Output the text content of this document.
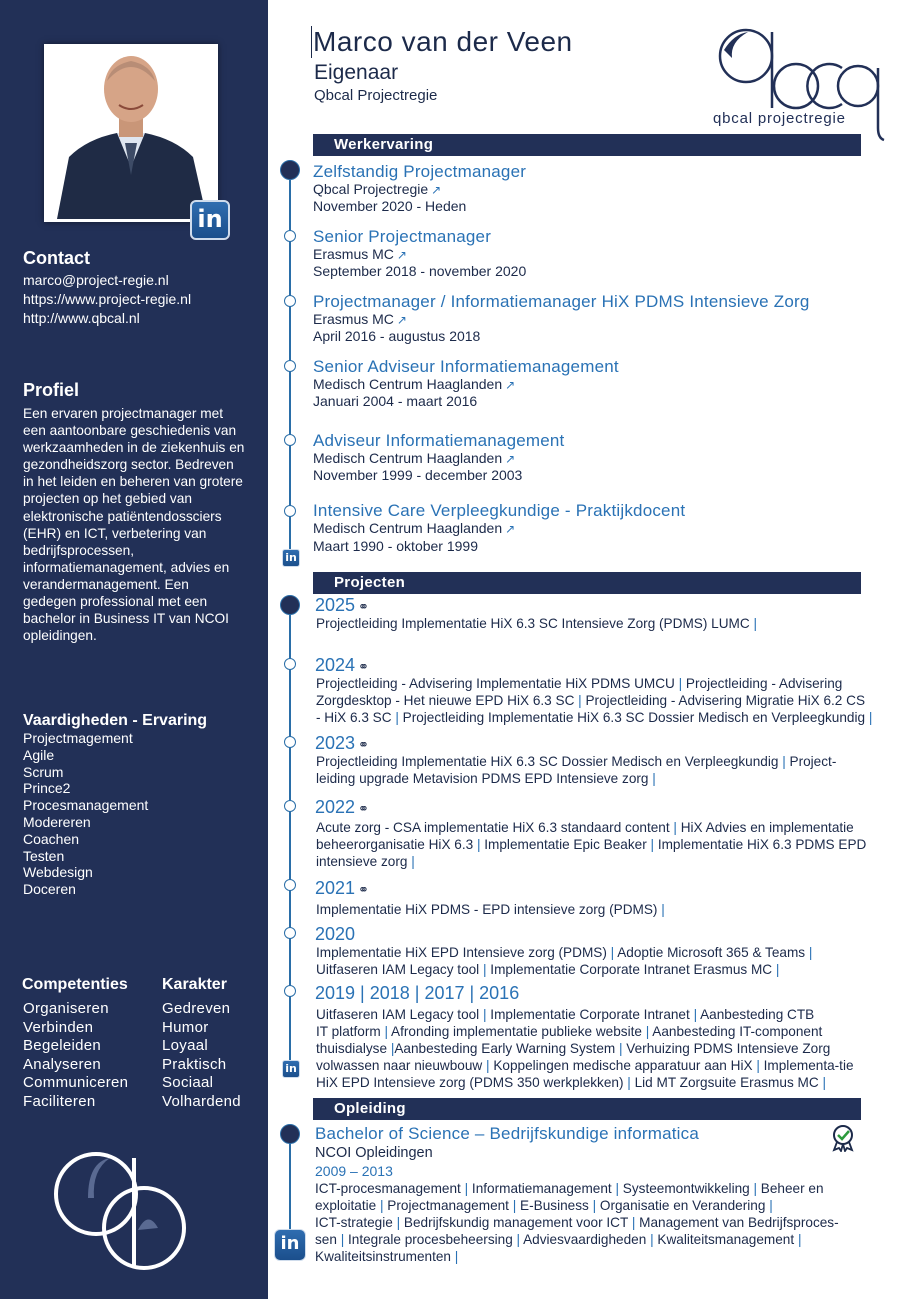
in
Contact
marco@project-regie.nl
https://www.project-regie.nl
http://www.qbcal.nl
Profiel
Een ervaren projectmanager met een aantoonbare geschiedenis van werkzaamheden in de ziekenhuis en gezondheidszorg sector. Bedreven in het leiden en beheren van grotere projecten op het gebied van elektronische patiëntendossciers (EHR) en ICT, verbetering van bedrijfsprocessen, informatiemanagement, advies en verandermanagement. Een gedegen professional met een bachelor in Business IT van NCOI opleidingen.
Vaardigheden - Ervaring
Projectmagement
Agile
Scrum
Prince2
Procesmanagement
Modereren
Coachen
Testen
Webdesign
Doceren
Competenties
Organiseren
Verbinden
Begeleiden
Analyseren
Communiceren
Faciliteren
Karakter
Gedreven
Humor
Loyaal
Praktisch
Sociaal
Volhardend
Marco van der Veen
Eigenaar
Qbcal Projectregie
qbcal projectregie
Werkervaring
in
Zelfstandig Projectmanager
Qbcal Projectregie ↗
November 2020 - Heden
Senior Projectmanager
Erasmus MC ↗
September 2018 - november 2020
Projectmanager / Informatiemanager HiX PDMS Intensieve Zorg
Erasmus MC ↗
April 2016 - augustus 2018
Senior Adviseur Informatiemanagement
Medisch Centrum Haaglanden ↗
Januari 2004 - maart 2016
Adviseur Informatiemanagement
Medisch Centrum Haaglanden ↗
November 1999 - december 2003
Intensive Care Verpleegkundige - Praktijkdocent
Medisch Centrum Haaglanden ↗
Maart 1990 - oktober 1999
Projecten
in
2025 ⚭
Projectleiding Implementatie HiX 6.3 SC Intensieve Zorg (PDMS) LUMC |
2024 ⚭
Projectleiding - Advisering Implementatie HiX PDMS UMCU | Projectleiding - Advisering
Zorgdesktop - Het nieuwe EPD HiX 6.3 SC | Projectleiding - Advisering Migratie HiX 6.2 CS
- HiX 6.3 SC | Projectleiding Implementatie HiX 6.3 SC Dossier Medisch en Verpleegkundig |
2023 ⚭
Projectleiding Implementatie HiX 6.3 SC Dossier Medisch en Verpleegkundig | Project-
leiding upgrade Metavision PDMS EPD Intensieve zorg |
2022 ⚭
Acute zorg - CSA implementatie HiX 6.3 standaard content | HiX Advies en implementatie
beheerorganisatie HiX 6.3 | Implementatie Epic Beaker | Implementatie HiX 6.3 PDMS EPD
intensieve zorg |
2021 ⚭
Implementatie HiX PDMS - EPD intensieve zorg (PDMS) |
2020
Implementatie HiX EPD Intensieve zorg (PDMS) | Adoptie Microsoft 365 & Teams |
Uitfaseren IAM Legacy tool | Implementatie Corporate Intranet Erasmus MC |
2019 | 2018 | 2017 | 2016
Uitfaseren IAM Legacy tool | Implementatie Corporate Intranet | Aanbesteding CTB
IT platform | Afronding implementatie publieke website | Aanbesteding IT-component
thuisdialyse |Aanbesteding Early Warning System | Verhuizing PDMS Intensieve Zorg
volwassen naar nieuwbouw | Koppelingen medische apparatuur aan HiX | Implementa-tie
HiX EPD Intensieve zorg (PDMS 350 werkplekken) | Lid MT Zorgsuite Erasmus MC |
Opleiding
in
Bachelor of Science – Bedrijfskundige informatica
NCOI Opleidingen
2009 – 2013
ICT-procesmanagement | Informatiemanagement | Systeemontwikkeling | Beheer en
exploitatie | Projectmanagement | E-Business | Organisatie en Verandering |
ICT-strategie | Bedrijfskundig management voor ICT | Management van Bedrijfsproces-
sen | Integrale procesbeheersing | Adviesvaardigheden | Kwaliteitsmanagement |
Kwaliteitsinstrumenten |
